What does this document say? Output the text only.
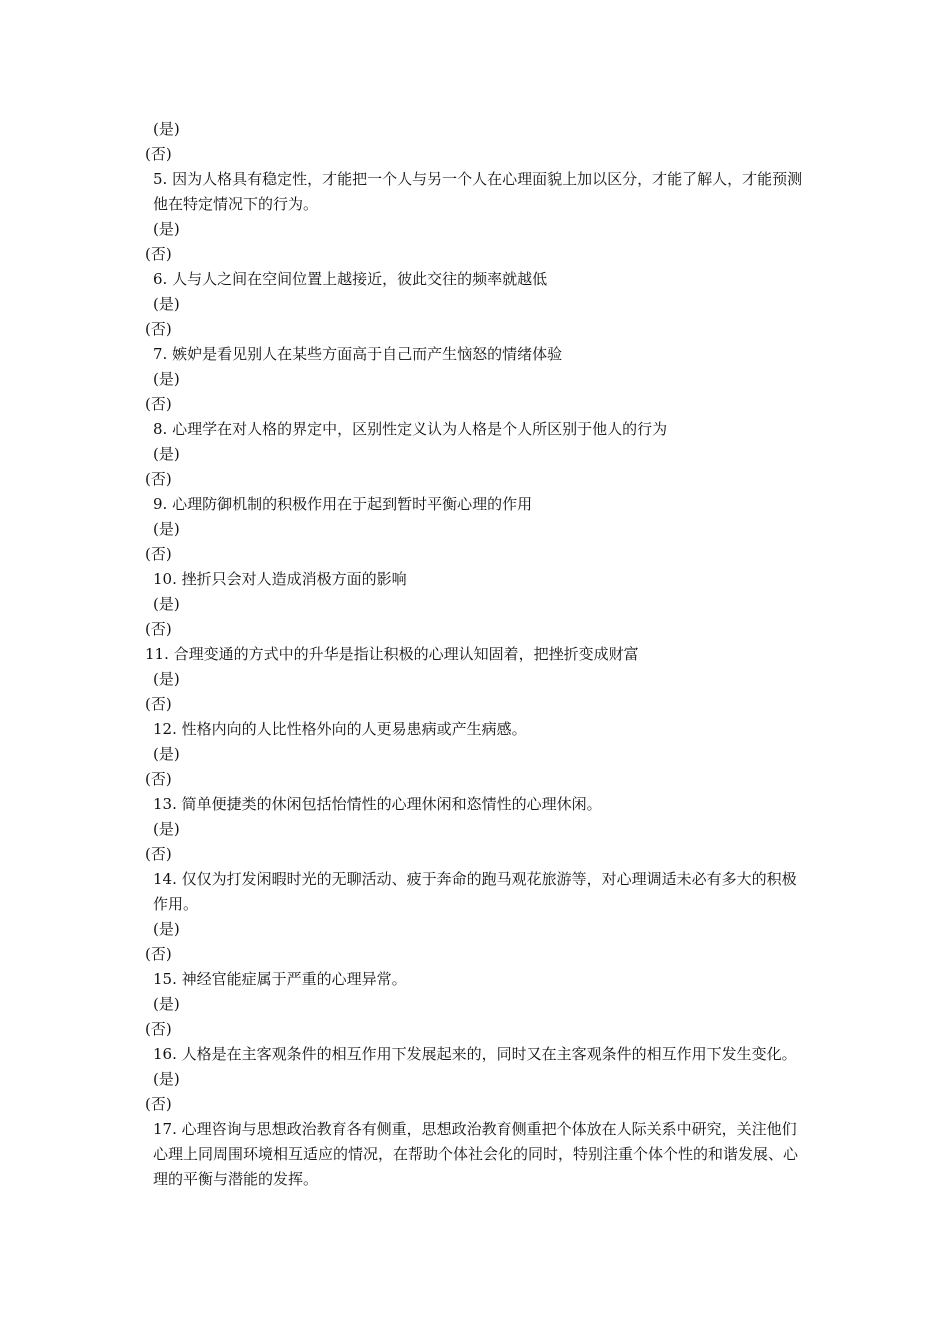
(是)
(否)
5. 因为人格具有稳定性，才能把一个人与另一个人在心理面貌上加以区分，才能了解人，才能预测他在特定情况下的行为。
(是)
(否)
6. 人与人之间在空间位置上越接近，彼此交往的频率就越低
(是)
(否)
7. 嫉妒是看见别人在某些方面高于自己而产生恼怒的情绪体验
(是)
(否)
8. 心理学在对人格的界定中，区别性定义认为人格是个人所区别于他人的行为
(是)
(否)
9. 心理防御机制的积极作用在于起到暂时平衡心理的作用
(是)
(否)
10. 挫折只会对人造成消极方面的影响
(是)
(否)
11. 合理变通的方式中的升华是指让积极的心理认知固着，把挫折变成财富
(是)
(否)
12. 性格内向的人比性格外向的人更易患病或产生病感。
(是)
(否)
13. 简单便捷类的休闲包括怡情性的心理休闲和恣情性的心理休闲。
(是)
(否)
14. 仅仅为打发闲暇时光的无聊活动、疲于奔命的跑马观花旅游等，对心理调适未必有多大的积极作用。
(是)
(否)
15. 神经官能症属于严重的心理异常。
(是)
(否)
16. 人格是在主客观条件的相互作用下发展起来的，同时又在主客观条件的相互作用下发生变化。
(是)
(否)
17. 心理咨询与思想政治教育各有侧重，思想政治教育侧重把个体放在人际关系中研究，关注他们心理上同周围环境相互适应的情况，在帮助个体社会化的同时，特别注重个体个性的和谐发展、心理的平衡与潜能的发挥。
